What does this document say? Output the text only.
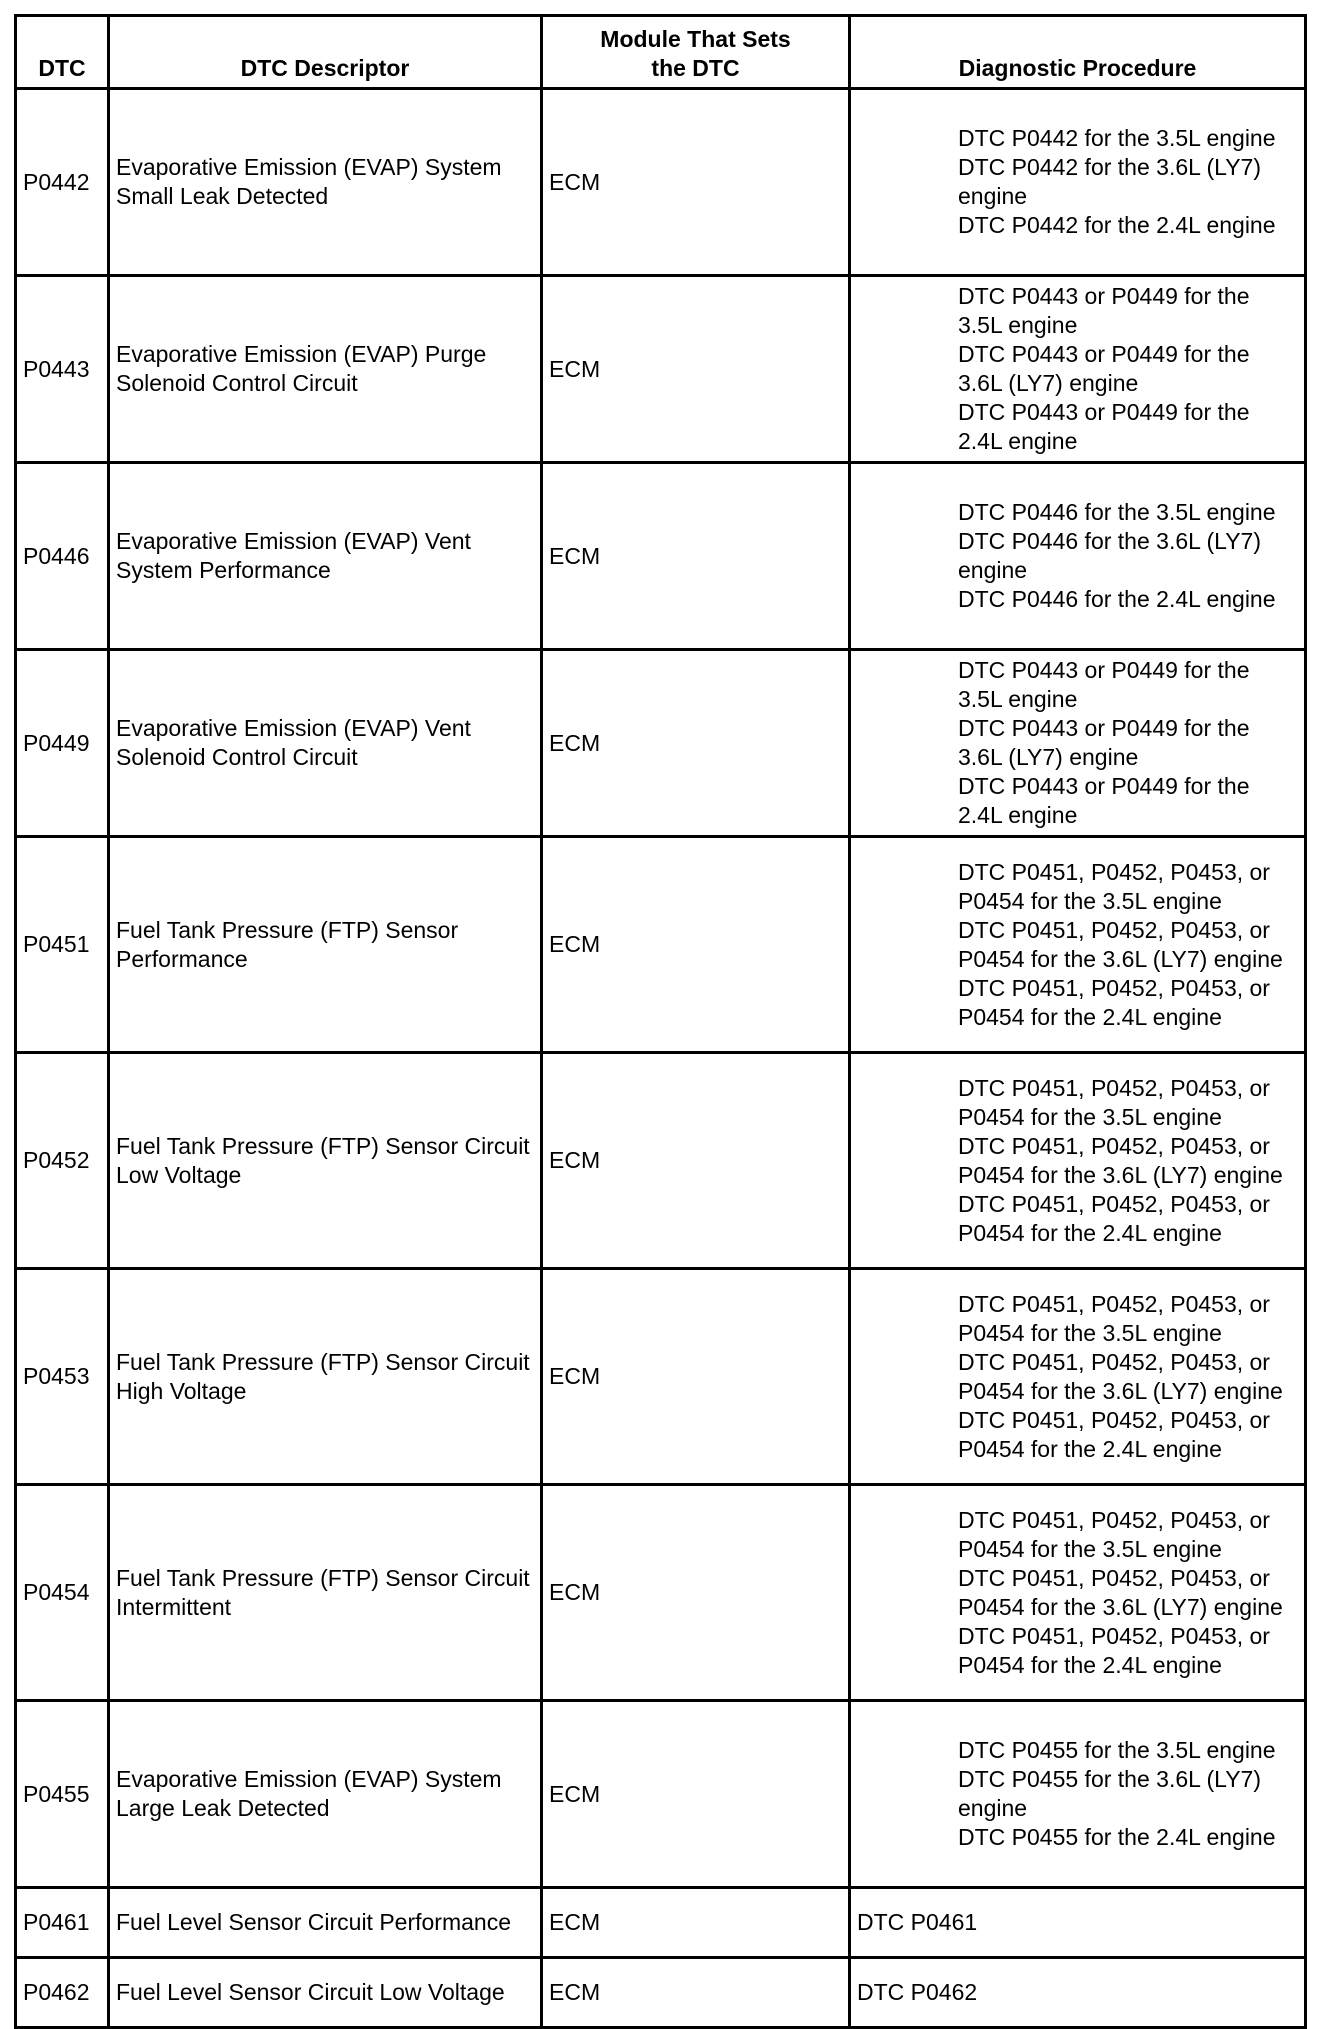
DTC	DTC Descriptor	Module That Sets the DTC	Diagnostic Procedure
P0442	Evaporative Emission (EVAP) System Small Leak Detected	ECM	DTC P0442 for the 3.5L engine
DTC P0442 for the 3.6L (LY7) engine
DTC P0442 for the 2.4L engine

P0443	Evaporative Emission (EVAP) Purge Solenoid Control Circuit	ECM	DTC P0443 or P0449 for the 3.5L engine
DTC P0443 or P0449 for the 3.6L (LY7) engine
DTC P0443 or P0449 for the 2.4L engine

P0446	Evaporative Emission (EVAP) Vent System Performance	ECM	DTC P0446 for the 3.5L engine
DTC P0446 for the 3.6L (LY7) engine
DTC P0446 for the 2.4L engine

P0449	Evaporative Emission (EVAP) Vent Solenoid Control Circuit	ECM	DTC P0443 or P0449 for the 3.5L engine
DTC P0443 or P0449 for the 3.6L (LY7) engine
DTC P0443 or P0449 for the 2.4L engine

P0451	Fuel Tank Pressure (FTP) Sensor Performance	ECM	DTC P0451, P0452, P0453, or P0454 for the 3.5L engine
DTC P0451, P0452, P0453, or P0454 for the 3.6L (LY7) engine
DTC P0451, P0452, P0453, or P0454 for the 2.4L engine

P0452	Fuel Tank Pressure (FTP) Sensor Circuit Low Voltage	ECM	DTC P0451, P0452, P0453, or P0454 for the 3.5L engine
DTC P0451, P0452, P0453, or P0454 for the 3.6L (LY7) engine
DTC P0451, P0452, P0453, or P0454 for the 2.4L engine

P0453	Fuel Tank Pressure (FTP) Sensor Circuit High Voltage	ECM	DTC P0451, P0452, P0453, or P0454 for the 3.5L engine
DTC P0451, P0452, P0453, or P0454 for the 3.6L (LY7) engine
DTC P0451, P0452, P0453, or P0454 for the 2.4L engine

P0454	Fuel Tank Pressure (FTP) Sensor Circuit Intermittent	ECM	DTC P0451, P0452, P0453, or P0454 for the 3.5L engine
DTC P0451, P0452, P0453, or P0454 for the 3.6L (LY7) engine
DTC P0451, P0452, P0453, or P0454 for the 2.4L engine

P0455	Evaporative Emission (EVAP) System Large Leak Detected	ECM	DTC P0455 for the 3.5L engine
DTC P0455 for the 3.6L (LY7) engine
DTC P0455 for the 2.4L engine

P0461	Fuel Level Sensor Circuit Performance	ECM	DTC P0461

P0462	Fuel Level Sensor Circuit Low Voltage	ECM	DTC P0462
